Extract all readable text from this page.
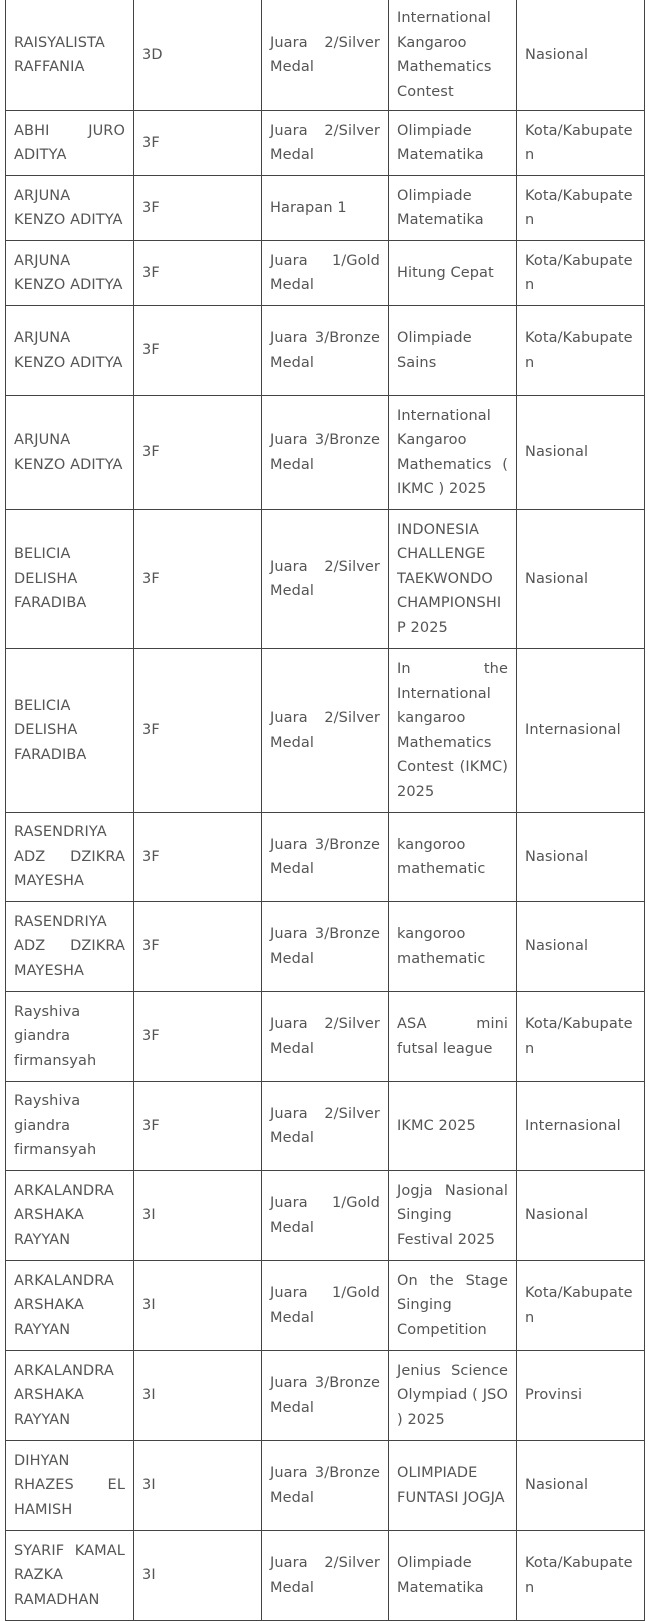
RAISYALISTA RAFFANIA	3D	Juara 2/Silver Medal	International Kangaroo Mathematics Contest	Nasional
ABHI JURO ADITYA	3F	Juara 2/Silver Medal	Olimpiade Matematika	Kota/Kabupaten
ARJUNA KENZO ADITYA	3F	Harapan 1	Olimpiade Matematika	Kota/Kabupaten
ARJUNA KENZO ADITYA	3F	Juara 1/Gold Medal	Hitung Cepat	Kota/Kabupaten
ARJUNA KENZO ADITYA	3F	Juara 3/Bronze Medal	Olimpiade Sains	Kota/Kabupaten
ARJUNA KENZO ADITYA	3F	Juara 3/Bronze Medal	International Kangaroo Mathematics ( IKMC ) 2025	Nasional
BELICIA DELISHA FARADIBA	3F	Juara 2/Silver Medal	INDONESIA CHALLENGE TAEKWONDO CHAMPIONSHIP 2025	Nasional
BELICIA DELISHA FARADIBA	3F	Juara 2/Silver Medal	In the International kangaroo Mathematics Contest (IKMC) 2025	Internasional
RASENDRIYA ADZ DZIKRA MAYESHA	3F	Juara 3/Bronze Medal	kangoroo mathematic	Nasional
RASENDRIYA ADZ DZIKRA MAYESHA	3F	Juara 3/Bronze Medal	kangoroo mathematic	Nasional
Rayshiva giandra firmansyah	3F	Juara 2/Silver Medal	ASA mini futsal league	Kota/Kabupaten
Rayshiva giandra firmansyah	3F	Juara 2/Silver Medal	IKMC 2025	Internasional
ARKALANDRA ARSHAKA RAYYAN	3I	Juara 1/Gold Medal	Jogja Nasional Singing Festival 2025	Nasional
ARKALANDRA ARSHAKA RAYYAN	3I	Juara 1/Gold Medal	On the Stage Singing Competition	Kota/Kabupaten
ARKALANDRA ARSHAKA RAYYAN	3I	Juara 3/Bronze Medal	Jenius Science Olympiad ( JSO ) 2025	Provinsi
DIHYAN RHAZES EL HAMISH	3I	Juara 3/Bronze Medal	OLIMPIADE FUNTASI JOGJA	Nasional
SYARIF KAMAL RAZKA RAMADHAN	3I	Juara 2/Silver Medal	Olimpiade Matematika	Kota/Kabupaten
